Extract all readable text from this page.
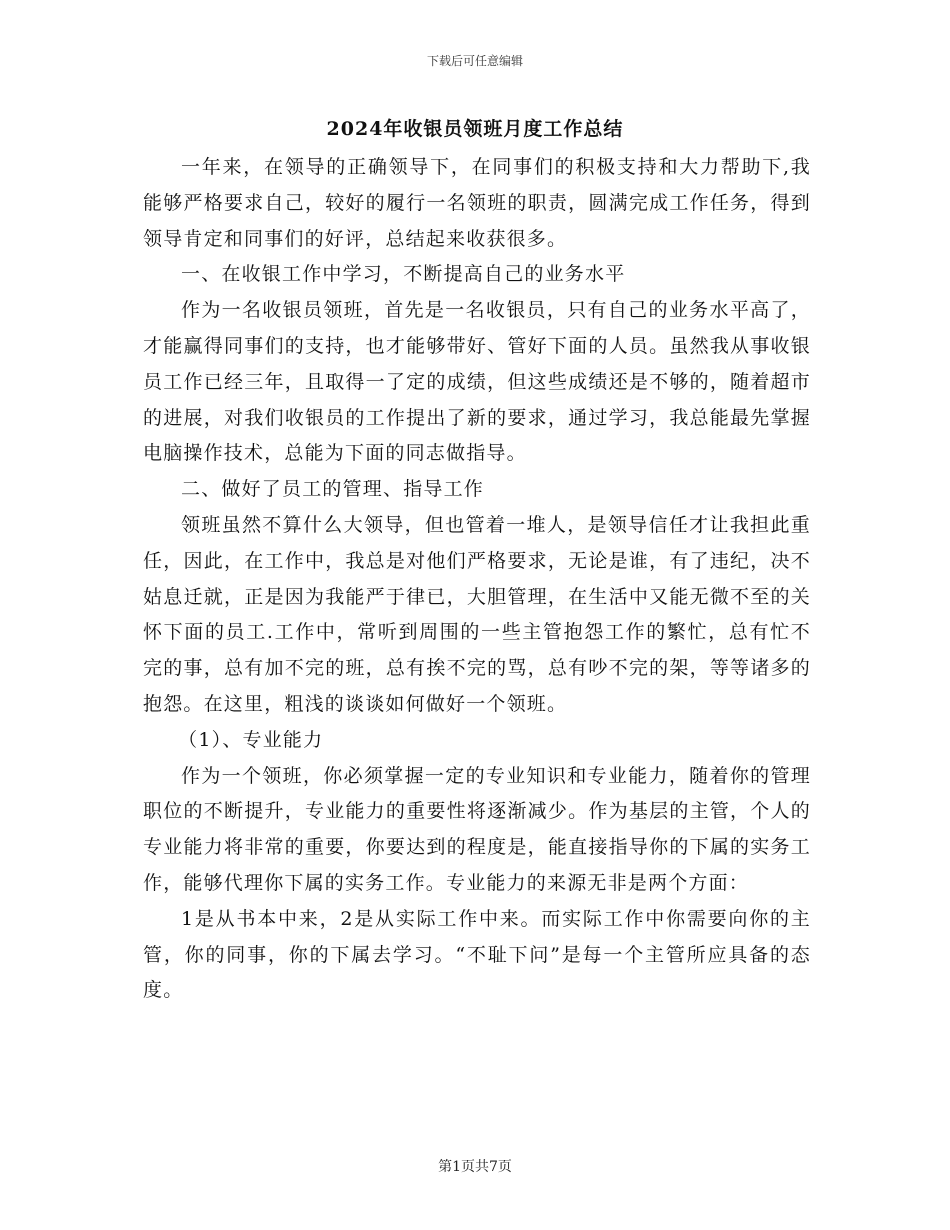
下载后可任意编辑
2024年收银员领班月度工作总结

一年来，在领导的正确领导下，在同事们的积极支持和大力帮助下,我能够严格要求自己，较好的履行一名领班的职责，圆满完成工作任务，得到领导肯定和同事们的好评，总结起来收获很多。

一、在收银工作中学习，不断提高自己的业务水平

作为一名收银员领班，首先是一名收银员，只有自己的业务水平高了，才能赢得同事们的支持，也才能够带好、管好下面的人员。虽然我从事收银员工作已经三年，且取得一了定的成绩，但这些成绩还是不够的，随着超市的进展，对我们收银员的工作提出了新的要求，通过学习，我总能最先掌握电脑操作技术，总能为下面的同志做指导。

二、做好了员工的管理、指导工作

领班虽然不算什么大领导，但也管着一堆人，是领导信任才让我担此重任，因此，在工作中，我总是对他们严格要求，无论是谁，有了违纪，决不姑息迁就，正是因为我能严于律已，大胆管理，在生活中又能无微不至的关怀下面的员工.工作中，常听到周围的一些主管抱怨工作的繁忙，总有忙不完的事，总有加不完的班，总有挨不完的骂，总有吵不完的架，等等诸多的抱怨。在这里，粗浅的谈谈如何做好一个领班。

（1）、专业能力

作为一个领班，你必须掌握一定的专业知识和专业能力，随着你的管理职位的不断提升，专业能力的重要性将逐渐减少。作为基层的主管，个人的专业能力将非常的重要，你要达到的程度是，能直接指导你的下属的实务工作，能够代理你下属的实务工作。专业能力的来源无非是两个方面：

1是从书本中来，2是从实际工作中来。而实际工作中你需要向你的主管，你的同事，你的下属去学习。“不耻下问”是每一个主管所应具备的态度。

第1页共7页
